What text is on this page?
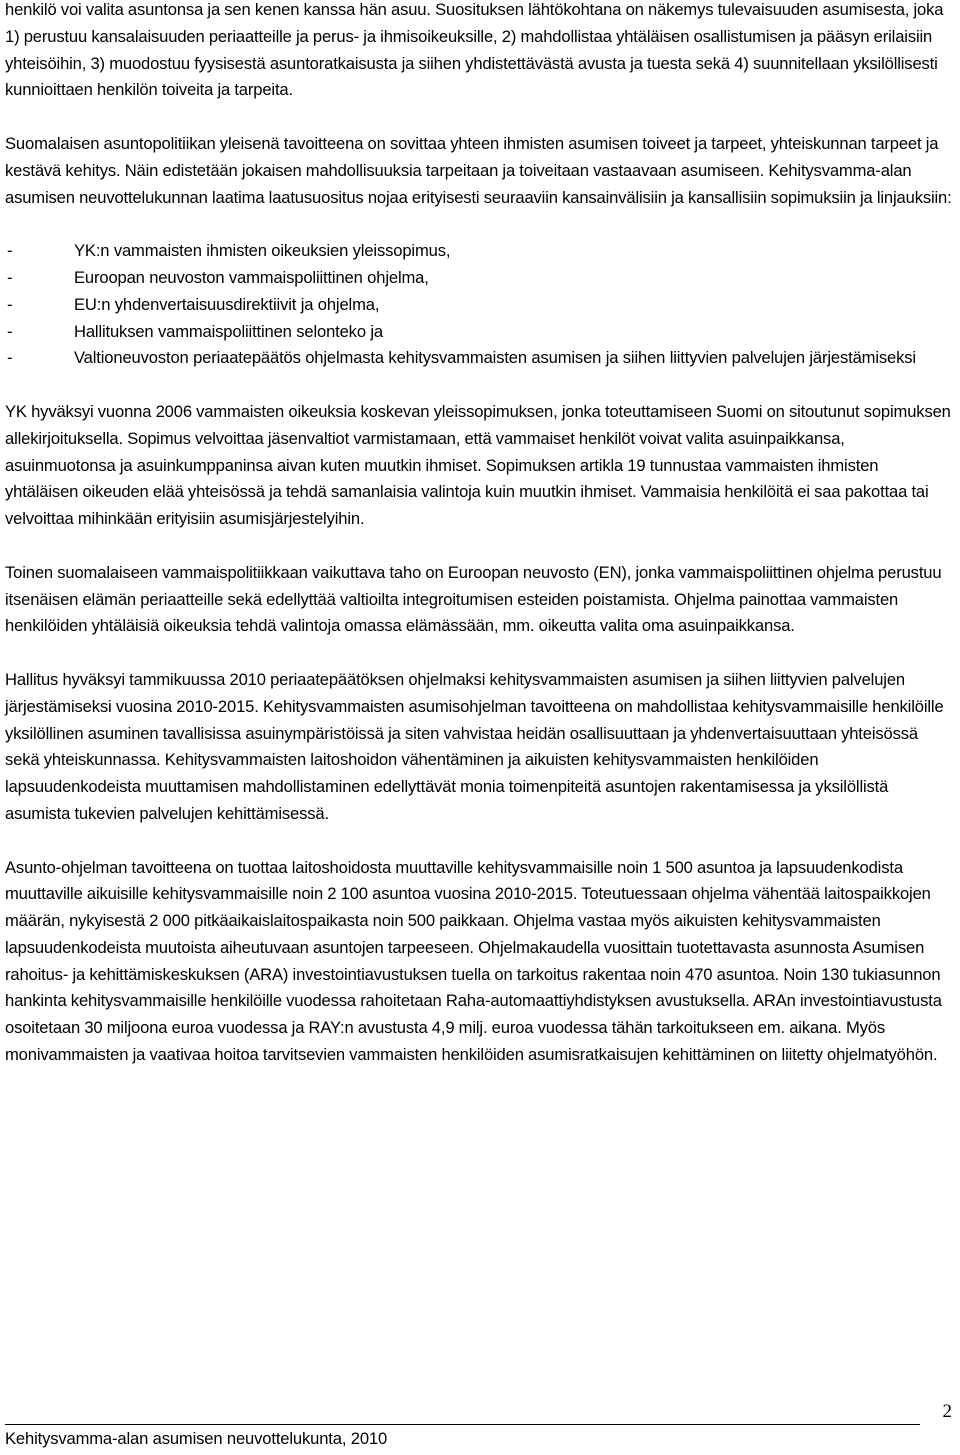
henkilö voi valita asuntonsa ja sen kenen kanssa hän asuu. Suosituksen lähtökohtana on näkemys tulevaisuuden asumisesta, joka 1) perustuu kansalaisuuden periaatteille ja perus- ja ihmisoikeuksille, 2) mahdollistaa yhtäläisen osallistumisen ja pääsyn erilaisiin yhteisöihin, 3) muodostuu fyysisestä asuntoratkaisusta ja siihen yhdistettävästä avusta ja tuesta sekä 4) suunnitellaan yksilöllisesti kunnioittaen henkilön toiveita ja tarpeita.

Suomalaisen asuntopolitiikan yleisenä tavoitteena on sovittaa yhteen ihmisten asumisen toiveet ja tarpeet, yhteiskunnan tarpeet ja kestävä kehitys. Näin edistetään jokaisen mahdollisuuksia tarpeitaan ja toiveitaan vastaavaan asumiseen. Kehitysvamma-alan asumisen neuvottelukunnan laatima laatusuositus nojaa erityisesti seuraaviin kansainvälisiin ja kansallisiin sopimuksiin ja linjauksiin:

-	YK:n vammaisten ihmisten oikeuksien yleissopimus,
-	Euroopan neuvoston vammaispoliittinen ohjelma,
-	EU:n yhdenvertaisuusdirektiivit ja ohjelma,
-	Hallituksen vammaispoliittinen selonteko ja
-	Valtioneuvoston periaatepäätös ohjelmasta kehitysvammaisten asumisen ja siihen liittyvien palvelujen järjestämiseksi

YK hyväksyi vuonna 2006 vammaisten oikeuksia koskevan yleissopimuksen, jonka toteuttamiseen Suomi on sitoutunut sopimuksen allekirjoituksella. Sopimus velvoittaa jäsenvaltiot varmistamaan, että vammaiset henkilöt voivat valita asuinpaikkansa, asuinmuotonsa ja asuinkumppaninsa aivan kuten muutkin ihmiset. Sopimuksen artikla 19 tunnustaa vammaisten ihmisten yhtäläisen oikeuden elää yhteisössä ja tehdä samanlaisia valintoja kuin muutkin ihmiset. Vammaisia henkilöitä ei saa pakottaa tai velvoittaa mihinkään erityisiin asumisjärjestelyihin.

Toinen suomalaiseen vammaispolitiikkaan vaikuttava taho on Euroopan neuvosto (EN), jonka vammaispoliittinen ohjelma perustuu itsenäisen elämän periaatteille sekä edellyttää valtioilta integroitumisen esteiden poistamista. Ohjelma painottaa vammaisten henkilöiden yhtäläisiä oikeuksia tehdä valintoja omassa elämässään, mm. oikeutta valita oma asuinpaikkansa.

Hallitus hyväksyi tammikuussa 2010 periaatepäätöksen ohjelmaksi kehitysvammaisten asumisen ja siihen liittyvien palvelujen järjestämiseksi vuosina 2010-2015. Kehitysvammaisten asumisohjelman tavoitteena on mahdollistaa kehitysvammaisille henkilöille yksilöllinen asuminen tavallisissa asuinympäristöissä ja siten vahvistaa heidän osallisuuttaan ja yhdenvertaisuuttaan yhteisössä sekä yhteiskunnassa. Kehitysvammaisten laitoshoidon vähentäminen ja aikuisten kehitysvammaisten henkilöiden lapsuudenkodeista muuttamisen mahdollistaminen edellyttävät monia toimenpiteitä asuntojen rakentamisessa ja yksilöllistä asumista tukevien palvelujen kehittämisessä.

Asunto-ohjelman tavoitteena on tuottaa laitoshoidosta muuttaville kehitysvammaisille noin 1 500 asuntoa ja lapsuudenkodista muuttaville aikuisille kehitysvammaisille noin 2 100 asuntoa vuosina 2010-2015. Toteutuessaan ohjelma vähentää laitospaikkojen määrän, nykyisestä 2 000 pitkäaikaislaitospaikasta noin 500 paikkaan. Ohjelma vastaa myös aikuisten kehitysvammaisten lapsuudenkodeista muutoista aiheutuvaan asuntojen tarpeeseen. Ohjelmakaudella vuosittain tuotettavasta asunnosta Asumisen rahoitus- ja kehittämiskeskuksen (ARA) investointiavustuksen tuella on tarkoitus rakentaa noin 470 asuntoa. Noin 130 tukiasunnon hankinta kehitysvammaisille henkilöille vuodessa rahoitetaan Raha-automaattiyhdistyksen avustuksella. ARAn investointiavustusta osoitetaan 30 miljoona euroa vuodessa ja RAY:n avustusta 4,9 milj. euroa vuodessa tähän tarkoitukseen em. aikana. Myös monivammaisten ja vaativaa hoitoa tarvitsevien vammaisten henkilöiden asumisratkaisujen kehittäminen on liitetty ohjelmatyöhön.

Kehitysvamma-alan asumisen neuvottelukunta, 2010
2
